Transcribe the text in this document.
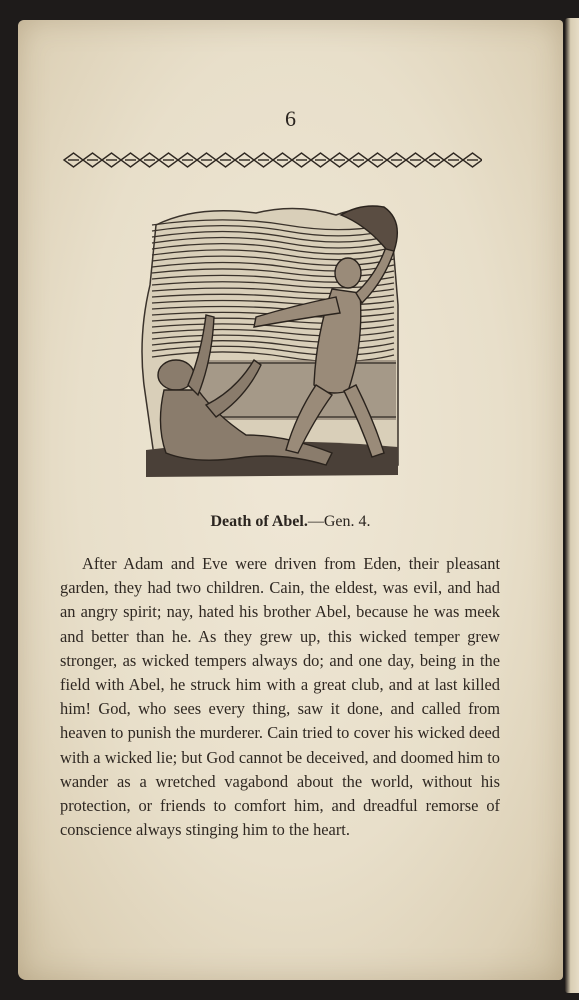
6
Death of Abel.—Gen. 4.

After Adam and Eve were driven from Eden, their pleasant garden, they had two children. Cain, the eldest, was evil, and had an angry spirit; nay, hated his brother Abel, because he was meek and better than he. As they grew up, this wicked temper grew stronger, as wicked tempers always do; and one day, being in the field with Abel, he struck him with a great club, and at last killed him! God, who sees every thing, saw it done, and called from heaven to punish the murderer. Cain tried to cover his wicked deed with a wicked lie; but God cannot be deceived, and doomed him to wander as a wretched vagabond about the world, without his protection, or friends to comfort him, and dreadful remorse of conscience always stinging him to the heart.
